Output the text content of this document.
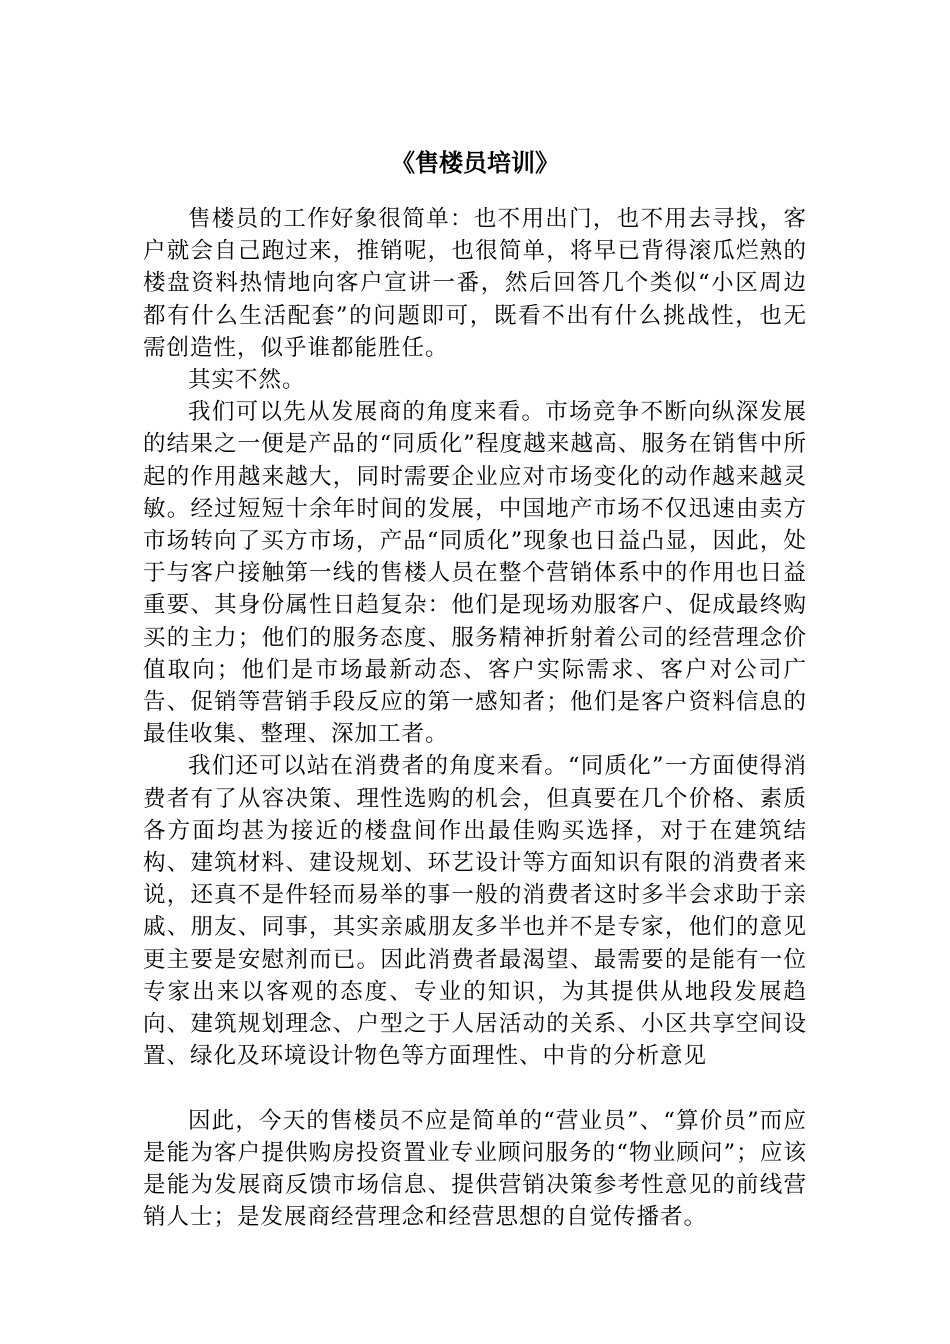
《售楼员培训》

售楼员的工作好象很简单：也不用出门，也不用去寻找，客户就会自己跑过来，推销呢，也很简单，将早已背得滚瓜烂熟的楼盘资料热情地向客户宣讲一番，然后回答几个类似“小区周边都有什么生活配套”的问题即可，既看不出有什么挑战性，也无需创造性，似乎谁都能胜任。

其实不然。

我们可以先从发展商的角度来看。市场竞争不断向纵深发展的结果之一便是产品的“同质化”程度越来越高、服务在销售中所起的作用越来越大，同时需要企业应对市场变化的动作越来越灵敏。经过短短十余年时间的发展，中国地产市场不仅迅速由卖方市场转向了买方市场，产品“同质化”现象也日益凸显，因此，处于与客户接触第一线的售楼人员在整个营销体系中的作用也日益重要、其身份属性日趋复杂：他们是现场劝服客户、促成最终购买的主力；他们的服务态度、服务精神折射着公司的经营理念价值取向；他们是市场最新动态、客户实际需求、客户对公司广告、促销等营销手段反应的第一感知者；他们是客户资料信息的最佳收集、整理、深加工者。

我们还可以站在消费者的角度来看。“同质化”一方面使得消费者有了从容决策、理性选购的机会，但真要在几个价格、素质各方面均甚为接近的楼盘间作出最佳购买选择，对于在建筑结构、建筑材料、建设规划、环艺设计等方面知识有限的消费者来说，还真不是件轻而易举的事一般的消费者这时多半会求助于亲戚、朋友、同事，其实亲戚朋友多半也并不是专家，他们的意见更主要是安慰剂而已。因此消费者最渴望、最需要的是能有一位专家出来以客观的态度、专业的知识，为其提供从地段发展趋向、建筑规划理念、户型之于人居活动的关系、小区共享空间设置、绿化及环境设计物色等方面理性、中肯的分析意见

因此，今天的售楼员不应是简单的“营业员”、“算价员”而应是能为客户提供购房投资置业专业顾问服务的“物业顾问”；应该是能为发展商反馈市场信息、提供营销决策参考性意见的前线营销人士；是发展商经营理念和经营思想的自觉传播者。
